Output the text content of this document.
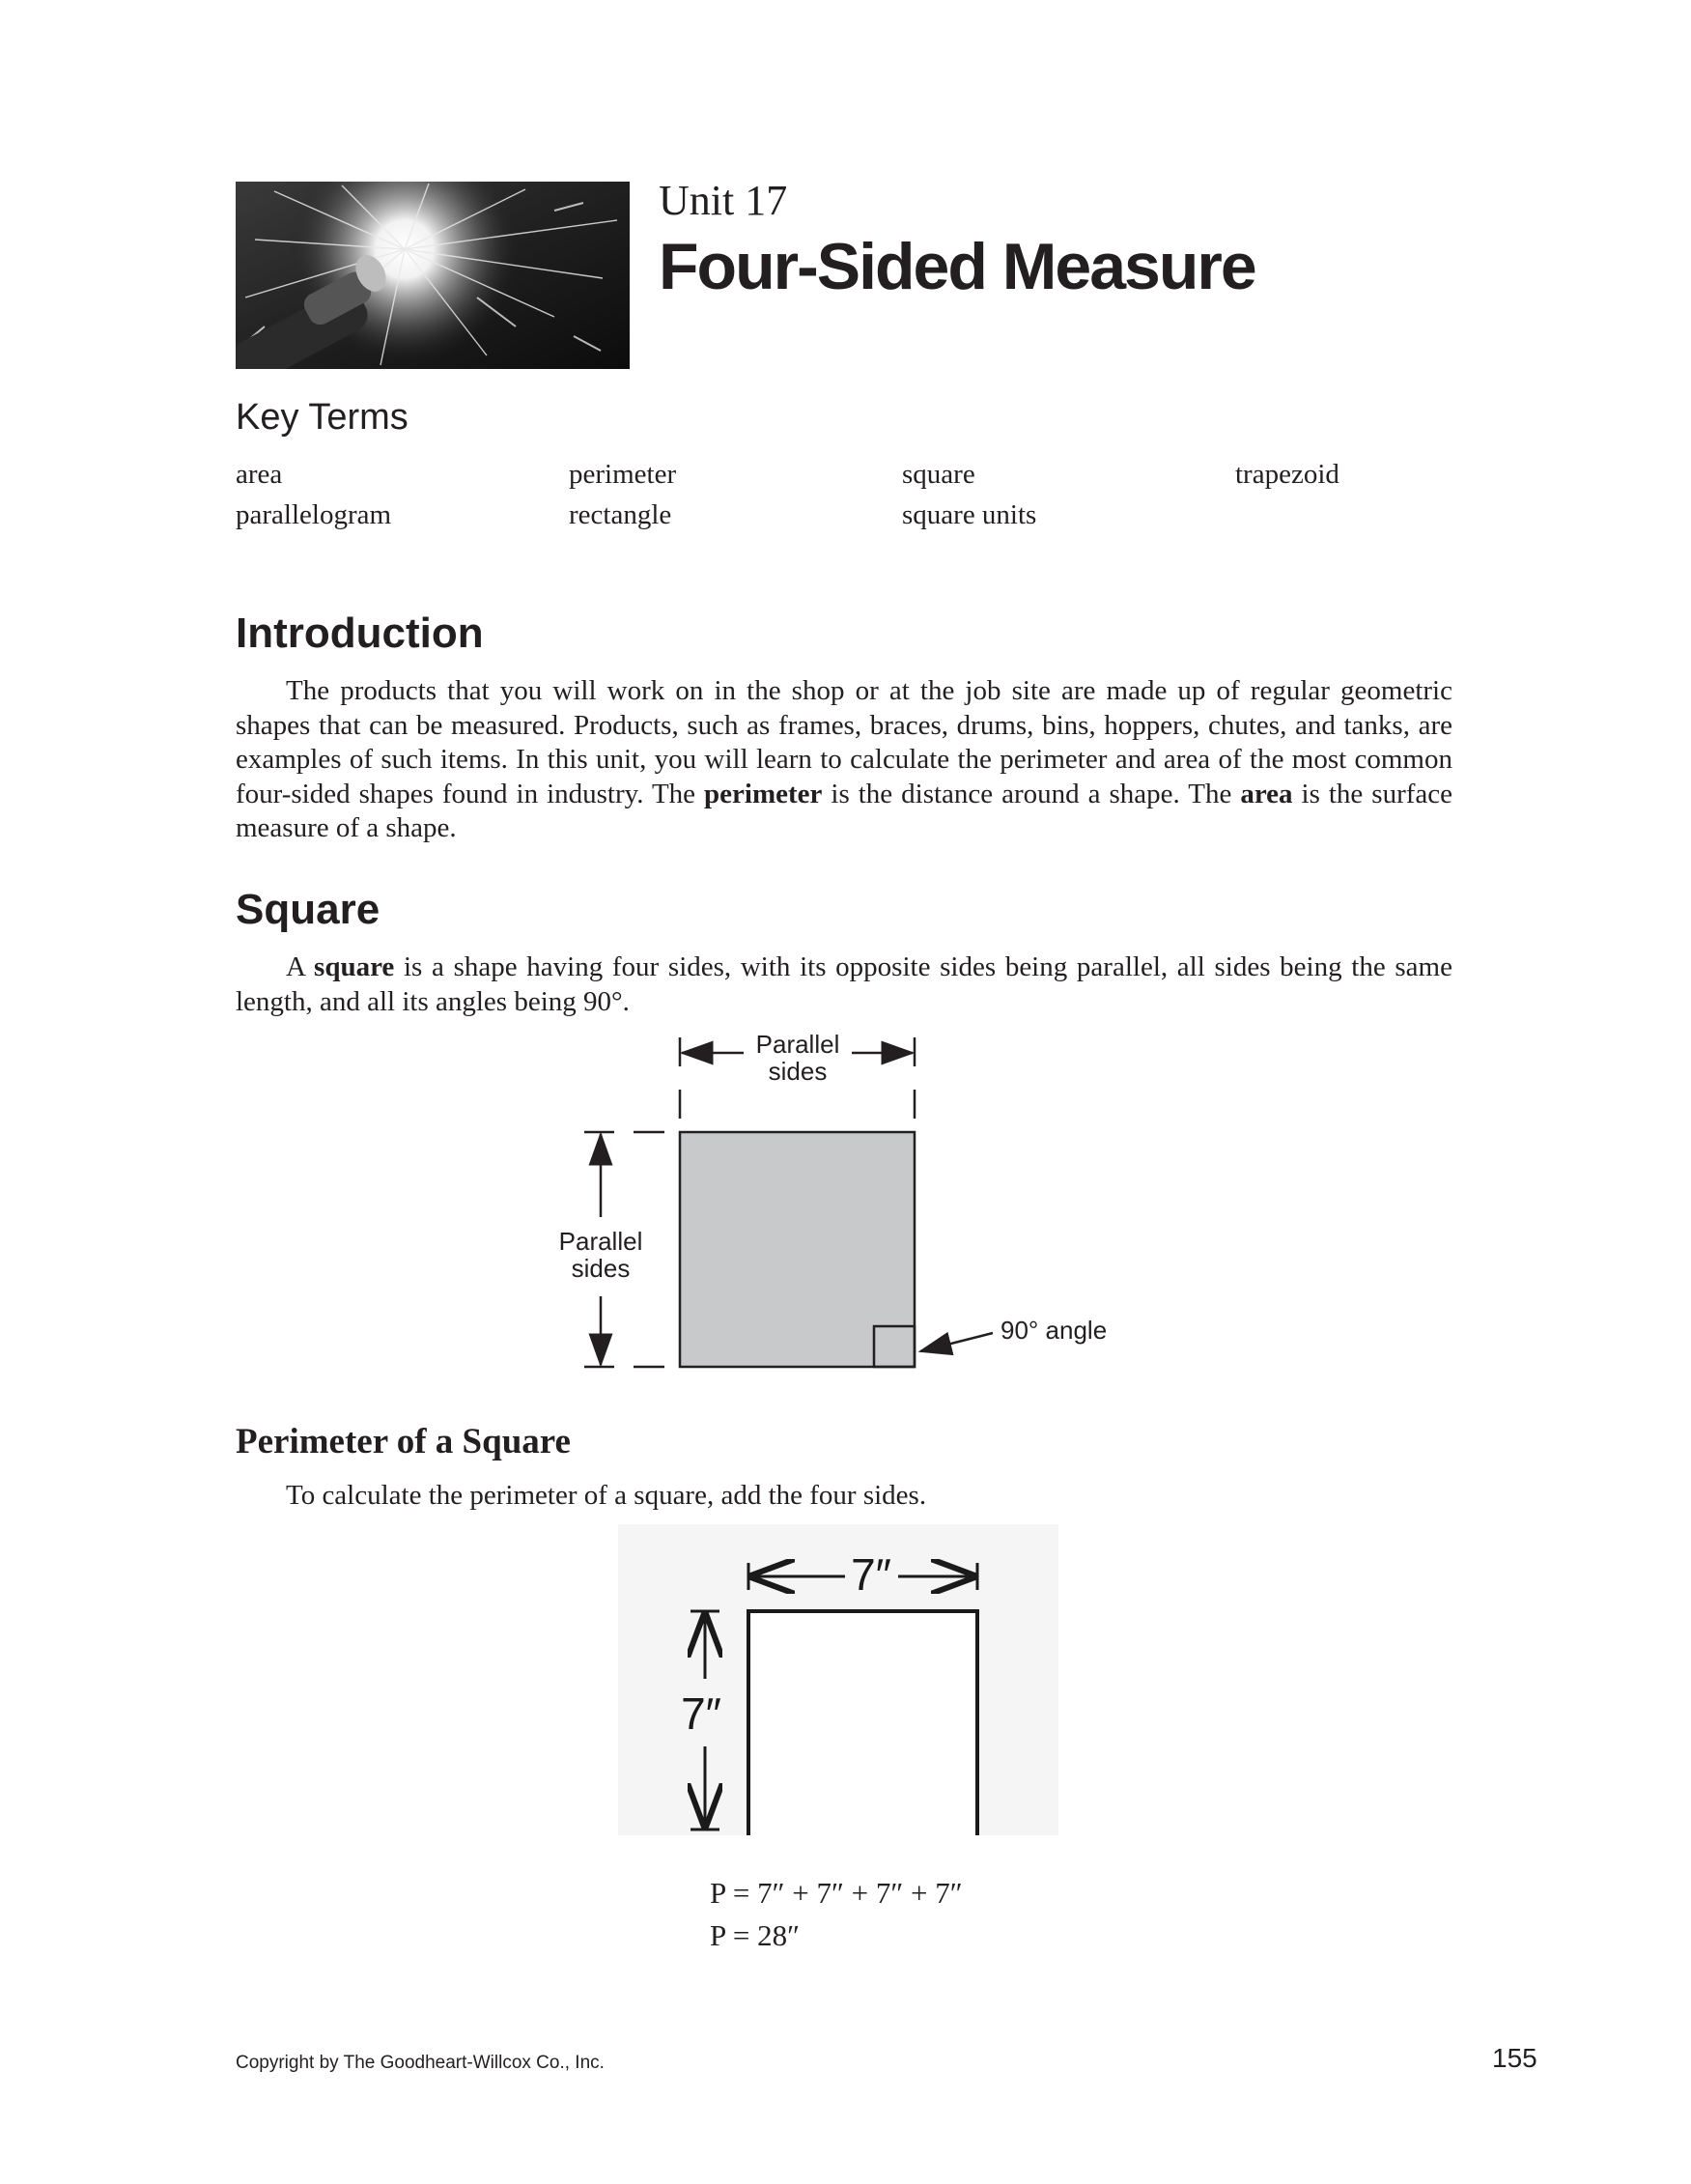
Unit 17
Four-Sided Measure
Key Terms
area	perimeter	square	trapezoid
parallelogram	rectangle	square units
Introduction

The products that you will work on in the shop or at the job site are made up of regular geometric shapes that can be measured. Products, such as frames, braces, drums, bins, hoppers, chutes, and tanks, are examples of such items. In this unit, you will learn to calculate the perimeter and area of the most common four-sided shapes found in industry. The perimeter is the distance around a shape. The area is the surface measure of a shape.

Square

A square is a shape having four sides, with its opposite sides being parallel, all sides being the same length, and all its angles being 90°.

Parallel
sides
Parallel
sides
90° angle
Perimeter of a Square
To calculate the perimeter of a square, add the four sides.
7″
7″
P = 7″ + 7″ + 7″ + 7″
P = 28″
Copyright by The Goodheart-Willcox Co., Inc.	155
